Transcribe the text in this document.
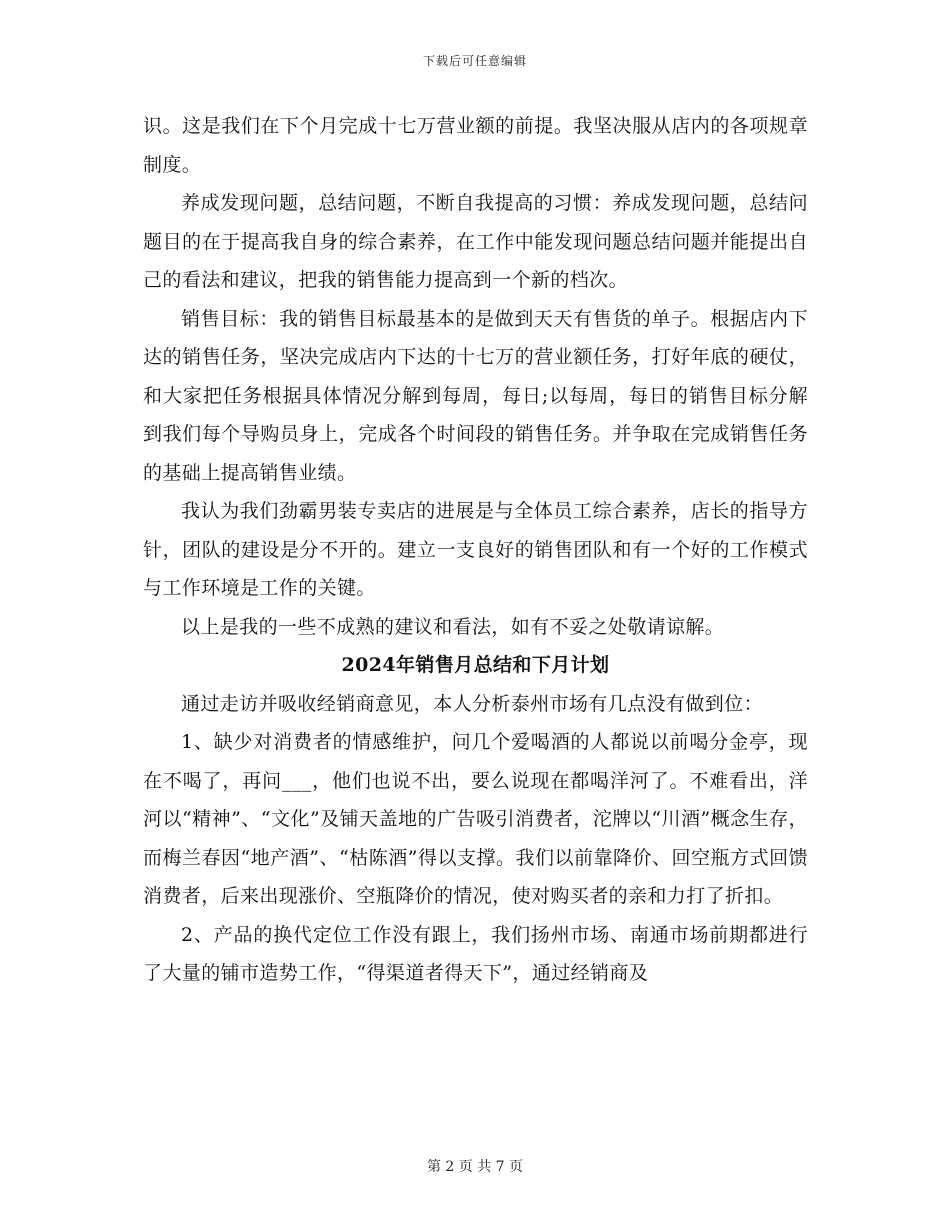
下载后可任意编辑

识。这是我们在下个月完成十七万营业额的前提。我坚决服从店内的各项规章制度。

养成发现问题，总结问题，不断自我提高的习惯：养成发现问题，总结问题目的在于提高我自身的综合素养，在工作中能发现问题总结问题并能提出自己的看法和建议，把我的销售能力提高到一个新的档次。

销售目标：我的销售目标最基本的是做到天天有售货的单子。根据店内下达的销售任务，坚决完成店内下达的十七万的营业额任务，打好年底的硬仗，和大家把任务根据具体情况分解到每周，每日;以每周，每日的销售目标分解到我们每个导购员身上，完成各个时间段的销售任务。并争取在完成销售任务的基础上提高销售业绩。

我认为我们劲霸男装专卖店的进展是与全体员工综合素养，店长的指导方针，团队的建设是分不开的。建立一支良好的销售团队和有一个好的工作模式与工作环境是工作的关键。

以上是我的一些不成熟的建议和看法，如有不妥之处敬请谅解。

2024年销售月总结和下月计划

通过走访并吸收经销商意见，本人分析泰州市场有几点没有做到位：

1、缺少对消费者的情感维护，问几个爱喝酒的人都说以前喝分金亭，现在不喝了，再问___，他们也说不出，要么说现在都喝洋河了。不难看出，洋河以“精神”、“文化”及铺天盖地的广告吸引消费者，沱牌以“川酒”概念生存，而梅兰春因“地产酒”、“枯陈酒”得以支撑。我们以前靠降价、回空瓶方式回馈消费者，后来出现涨价、空瓶降价的情况，使对购买者的亲和力打了折扣。

2、产品的换代定位工作没有跟上，我们扬州市场、南通市场前期都进行了大量的铺市造势工作，“得渠道者得天下”，通过经销商及

第 2 页 共 7 页
